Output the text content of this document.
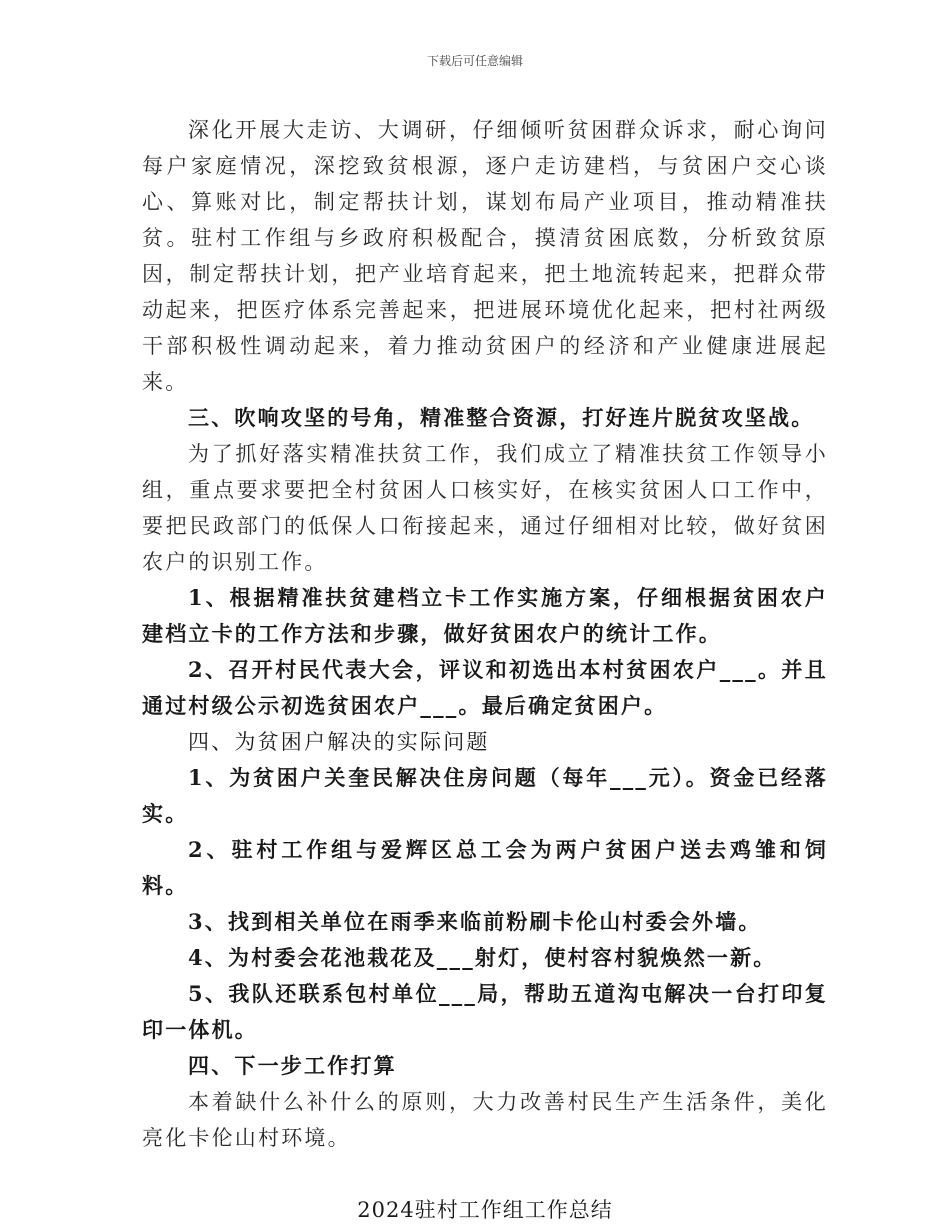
下载后可任意编辑

深化开展大走访、大调研，仔细倾听贫困群众诉求，耐心询问每户家庭情况，深挖致贫根源，逐户走访建档，与贫困户交心谈心、算账对比，制定帮扶计划，谋划布局产业项目，推动精准扶贫。驻村工作组与乡政府积极配合，摸清贫困底数，分析致贫原因，制定帮扶计划，把产业培育起来，把土地流转起来，把群众带动起来，把医疗体系完善起来，把进展环境优化起来，把村社两级干部积极性调动起来，着力推动贫困户的经济和产业健康进展起来。

三、吹响攻坚的号角，精准整合资源，打好连片脱贫攻坚战。

为了抓好落实精准扶贫工作，我们成立了精准扶贫工作领导小组，重点要求要把全村贫困人口核实好，在核实贫困人口工作中，要把民政部门的低保人口衔接起来，通过仔细相对比较，做好贫困农户的识别工作。

1、根据精准扶贫建档立卡工作实施方案，仔细根据贫困农户建档立卡的工作方法和步骤，做好贫困农户的统计工作。

2、召开村民代表大会，评议和初选出本村贫困农户___。并且通过村级公示初选贫困农户___。最后确定贫困户。

四、为贫困户解决的实际问题

1、为贫困户关奎民解决住房问题（每年___元）。资金已经落实。

2、驻村工作组与爱辉区总工会为两户贫困户送去鸡雏和饲料。

3、找到相关单位在雨季来临前粉刷卡伦山村委会外墙。

4、为村委会花池栽花及___射灯，使村容村貌焕然一新。

5、我队还联系包村单位___局，帮助五道沟屯解决一台打印复印一体机。

四、下一步工作打算

本着缺什么补什么的原则，大力改善村民生产生活条件，美化亮化卡伦山村环境。

2024驻村工作组工作总结
